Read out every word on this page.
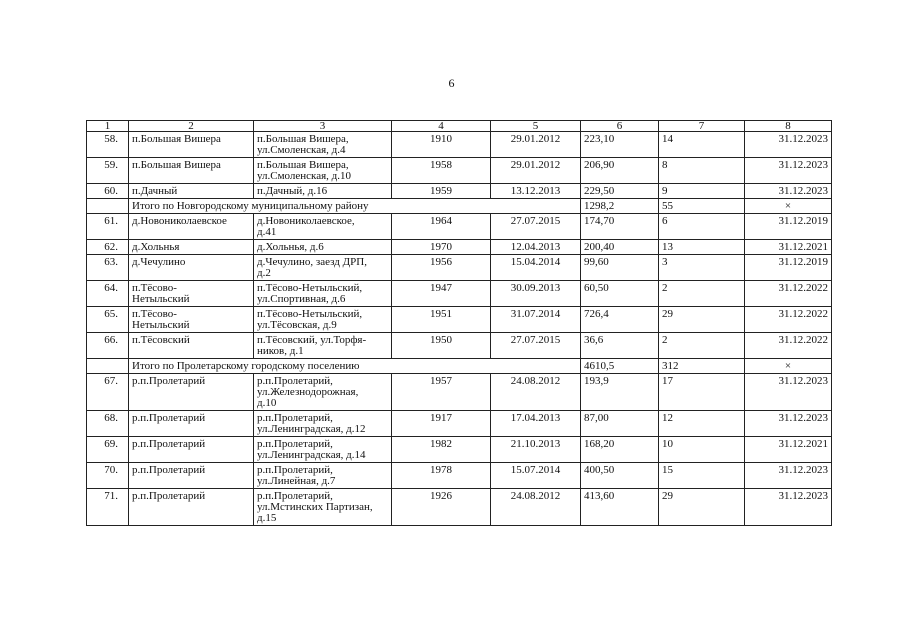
6
1	2	3	4	5	6	7	8
58.	п.Большая Вишера	п.Большая Вишера,
ул.Смоленская, д.4	1910	29.01.2012	223,10	14	31.12.2023
59.	п.Большая Вишера	п.Большая Вишера,
ул.Смоленская, д.10	1958	29.01.2012	206,90	8	31.12.2023
60.	п.Дачный	п.Дачный, д.16	1959	13.12.2013	229,50	9	31.12.2023
	Итого по Новгородскому муниципальному району				1298,2	55	×
61.	д.Новониколаевское	д.Новониколаевское,
д.41	1964	27.07.2015	174,70	6	31.12.2019
62.	д.Хольнья	д.Хольнья, д.6	1970	12.04.2013	200,40	13	31.12.2021
63.	д.Чечулино	д.Чечулино, заезд ДРП,
д.2	1956	15.04.2014	99,60	3	31.12.2019
64.	п.Тёсово-
Нетыльский	п.Тёсово-Нетыльский,
ул.Спортивная, д.6	1947	30.09.2013	60,50	2	31.12.2022
65.	п.Тёсово-
Нетыльский	п.Тёсово-Нетыльский,
ул.Тёсовская, д.9	1951	31.07.2014	726,4	29	31.12.2022
66.	п.Тёсовский	п.Тёсовский, ул.Торфя-
ников, д.1	1950	27.07.2015	36,6	2	31.12.2022
	Итого по Пролетарскому городскому поселению				4610,5	312	×
67.	р.п.Пролетарий	р.п.Пролетарий,
ул.Железнодорожная,
д.10	1957	24.08.2012	193,9	17	31.12.2023
68.	р.п.Пролетарий	р.п.Пролетарий,
ул.Ленинградская, д.12	1917	17.04.2013	87,00	12	31.12.2023
69.	р.п.Пролетарий	р.п.Пролетарий,
ул.Ленинградская, д.14	1982	21.10.2013	168,20	10	31.12.2021
70.	р.п.Пролетарий	р.п.Пролетарий,
ул.Линейная, д.7	1978	15.07.2014	400,50	15	31.12.2023
71.	р.п.Пролетарий	р.п.Пролетарий,
ул.Мстинских Партизан,
д.15	1926	24.08.2012	413,60	29	31.12.2023
